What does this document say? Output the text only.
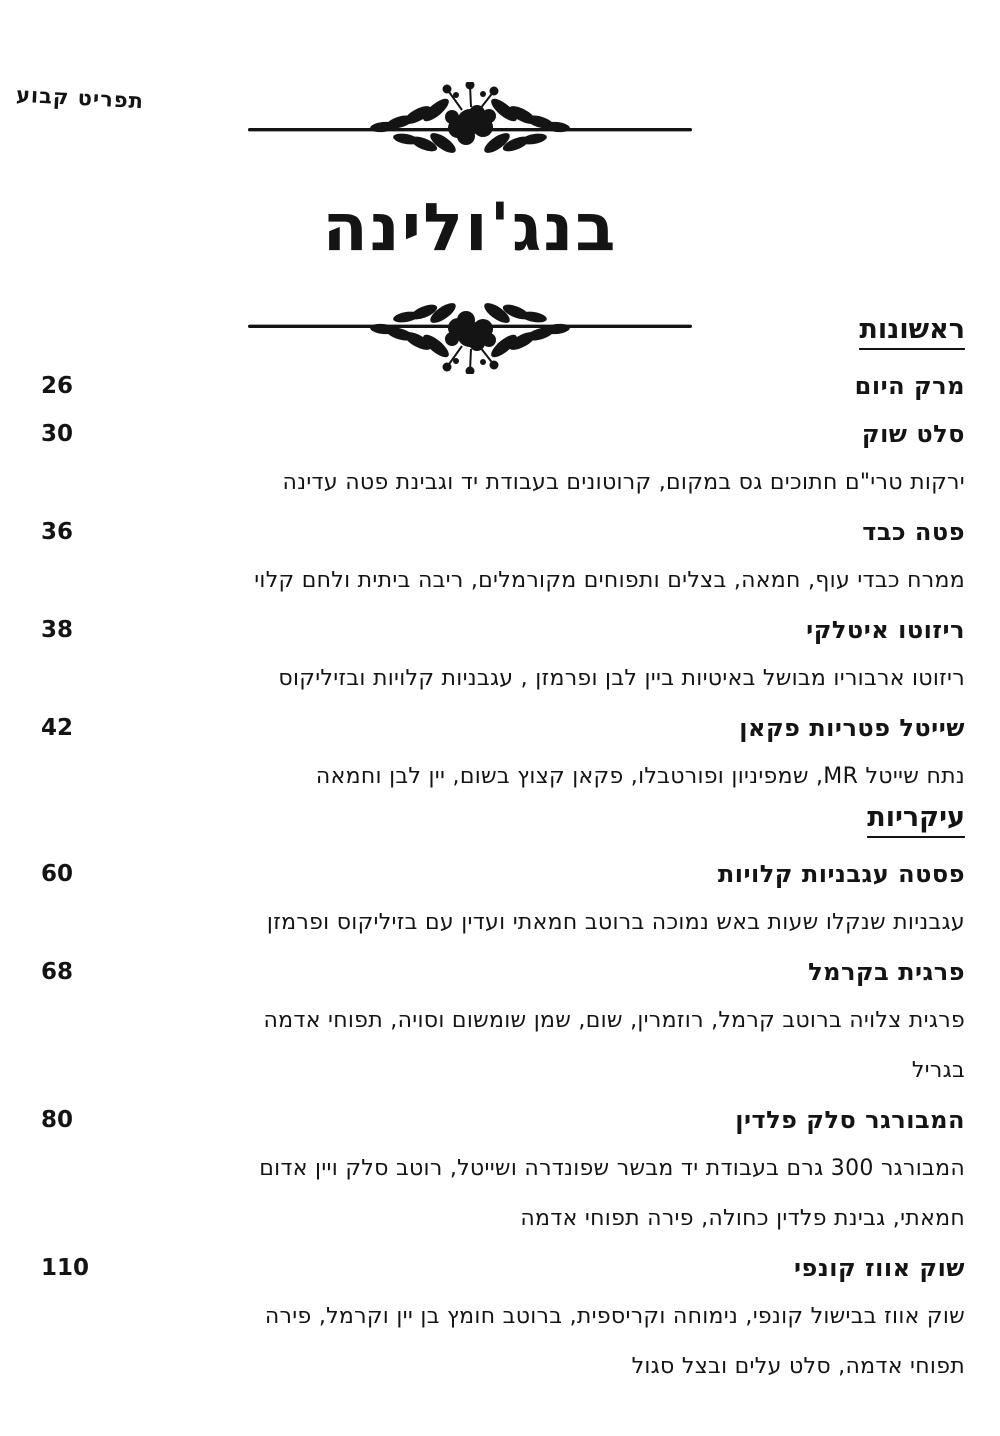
תפריט קבוע
בנג'ולינה
ראשונות
מרק היום
26
סלט שוק
30

ירקות טרי"ם חתוכים גס במקום, קרוטונים בעבודת יד וגבינת פטה עדינה

פטה כבד
36

ממרח כבדי עוף, חמאה, בצלים ותפוחים מקורמלים, ריבה ביתית ולחם קלוי

ריזוטו איטלקי
38

ריזוטו ארבוריו מבושל באיטיות ביין לבן ופרמזן , עגבניות קלויות ובזיליקוס

שייטל פטריות פקאן
42

נתח שייטל MR, שמפיניון ופורטבלו, פקאן קצוץ בשום, יין לבן וחמאה

עיקריות
פסטה עגבניות קלויות
60

עגבניות שנקלו שעות באש נמוכה ברוטב חמאתי ועדין עם בזיליקוס ופרמזן

פרגית בקרמל
68

פרגית צלויה ברוטב קרמל, רוזמרין, שום, שמן שומשום וסויה, תפוחי אדמה

בגריל

המבורגר סלק פלדין
80

המבורגר 300 גרם בעבודת יד מבשר שפונדרה ושייטל, רוטב סלק ויין אדום

חמאתי, גבינת פלדין כחולה, פירה תפוחי אדמה

שוק אווז קונפי
110

שוק אווז בבישול קונפי, נימוחה וקריספית, ברוטב חומץ בן יין וקרמל, פירה

תפוחי אדמה, סלט עלים ובצל סגול
